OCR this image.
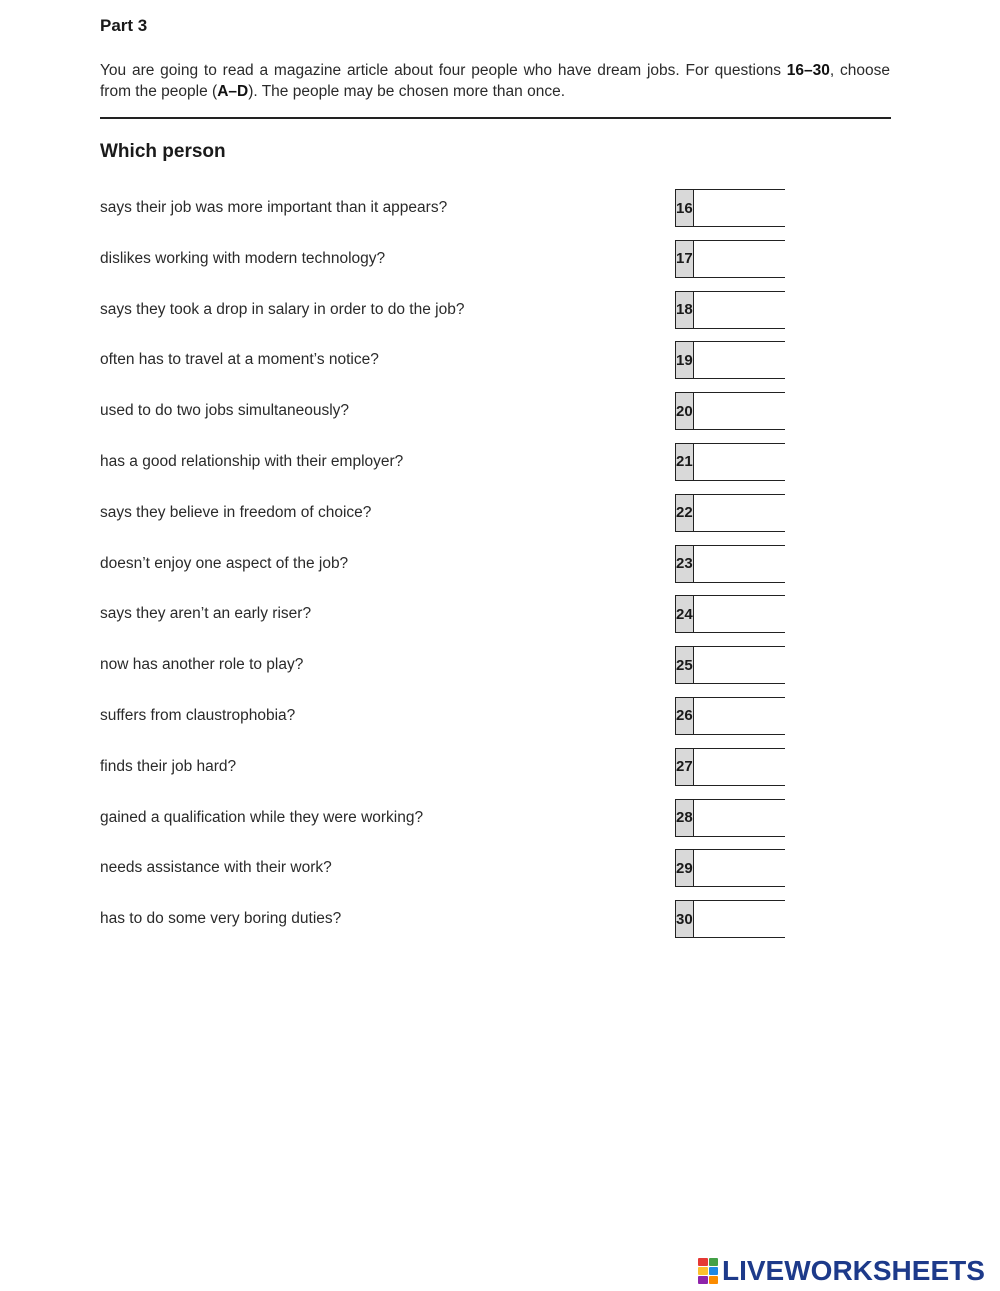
Part 3

You are going to read a magazine article about four people who have dream jobs. For questions 16–30, choose from the people (A–D). The people may be chosen more than once.

Which person
says their job was more important than it appears?	16
dislikes working with modern technology?	17
says they took a drop in salary in order to do the job?	18
often has to travel at a moment’s notice?	19
used to do two jobs simultaneously?	20
has a good relationship with their employer?	21
says they believe in freedom of choice?	22
doesn’t enjoy one aspect of the job?	23
says they aren’t an early riser?	24
now has another role to play?	25
suffers from claustrophobia?	26
finds their job hard?	27
gained a qualification while they were working?	28
needs assistance with their work?	29
has to do some very boring duties?	30
LIVEWORKSHEETS
